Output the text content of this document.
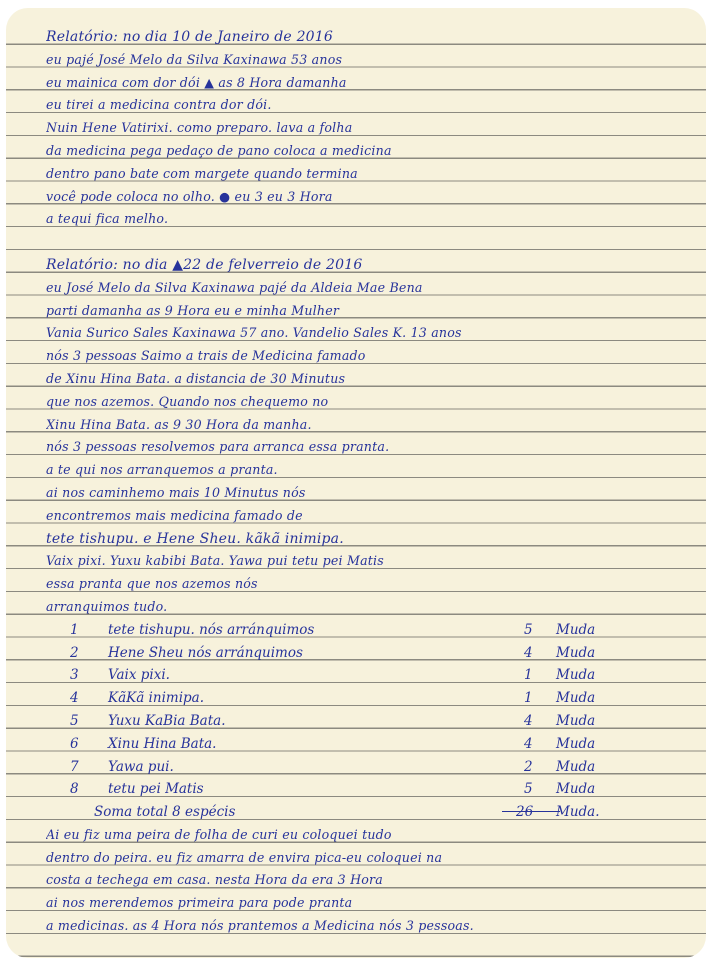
Relatório: no dia 10 de Janeiro de 2016
eu pajé José Melo da Silva Kaxinawa 53 anos
eu mainica com dor dói ▲ as 8 Hora damanha
eu tirei a medicina contra dor dói.
Nuin Hene Vatirixi. como preparo. lava a folha
da medicina pega pedaço de pano coloca a medicina
dentro pano bate com margete quando termina
você pode coloca no olho. ● eu 3 eu 3 Hora
a tequi fica melho.
Relatório: no dia ▲22 de felverreio de 2016
eu José Melo da Silva Kaxinawa pajé da Aldeia Mae Bena
parti damanha as 9 Hora eu e minha Mulher
Vania Surico Sales Kaxinawa 57 ano. Vandelio Sales K. 13 anos
nós 3 pessoas Saimo a trais de Medicina famado
de Xinu Hina Bata. a distancia de 30 Minutus
que nos azemos. Quando nos chequemo no
Xinu Hina Bata. as 9 30 Hora da manha.
nós 3 pessoas resolvemos para arranca essa pranta.
a te qui nos arranquemos a pranta.
ai nos caminhemo mais 10 Minutus nós
encontremos mais medicina famado de
tete tishupu. e Hene Sheu. kãkã inimipa.
Vaix pixi. Yuxu kabibi Bata. Yawa pui tetu pei Matis
essa pranta que nos azemos nós
arranquimos tudo.
1 tete tishupu. nós arránquimos	5 Muda
2 Hene Sheu nós arránquimos	4 Muda
3 Vaix pixi.	1 Muda
4 KãKã inimipa.	1 Muda
5 Yuxu KaBia Bata.	4 Muda
6 Xinu Hina Bata.	4 Muda
7 Yawa pui.	2 Muda
8 tetu pei Matis	5 Muda
Soma total 8 espécis	26 Muda.
Ai eu fiz uma peira de folha de curi eu coloquei tudo
dentro do peira. eu fiz amarra de envira pica-eu coloquei na
costa a techega em casa. nesta Hora da era 3 Hora
ai nos merendemos primeira para pode pranta
a medicinas. as 4 Hora nós prantemos a Medicina nós 3 pessoas.
